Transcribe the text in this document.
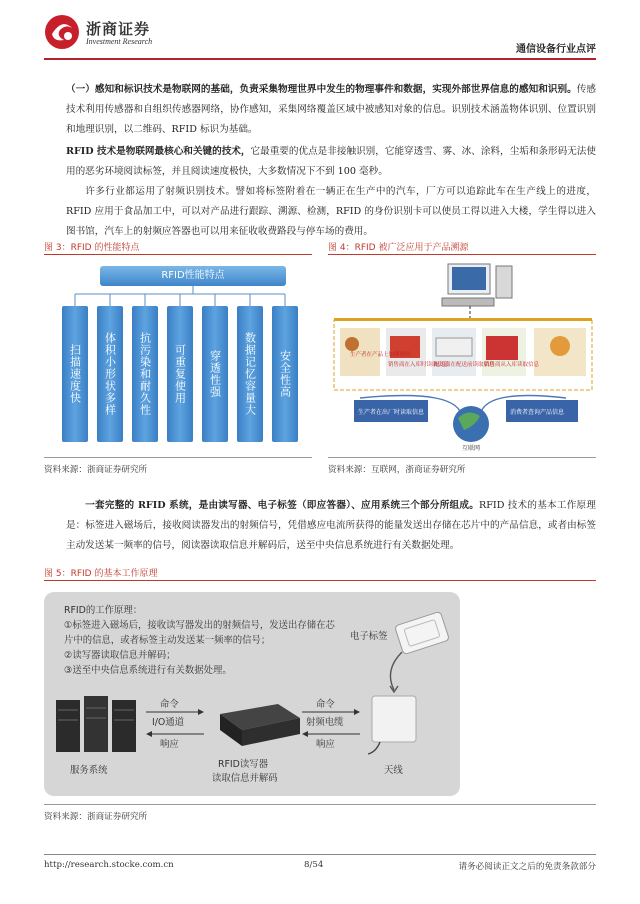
浙商证券
Investment Research
通信设备行业点评
（一）感知和标识技术是物联网的基础，负责采集物理世界中发生的物理事件和数据，实现外部世界信息的感知和识别。传感技术利用传感器和自组织传感器网络，协作感知，采集网络覆盖区域中被感知对象的信息。识别技术涵盖物体识别、位置识别和地理识别，以二维码、RFID 标识为基础。
RFID 技术是物联网最核心和关键的技术，它最重要的优点是非接触识别，它能穿透雪、雾、冰、涂料，尘垢和条形码无法使用的恶劣环境阅读标签，并且阅读速度极快，大多数情况下不到 100 毫秒。
许多行业都运用了射频识别技术。譬如将标签附着在一辆正在生产中的汽车，厂方可以追踪此车在生产线上的进度，RFID 应用于食品加工中，可以对产品进行跟踪、溯源、检测，RFID 的身份识别卡可以使员工得以进入大楼，学生得以进入图书馆，汽车上的射频应答器也可以用来征收收费路段与停车场的费用。
图 3：RFID 的性能特点
RFID性能特点
扫描速度快	体积小形状多样	抗污染和耐久性	可重复使用	穿透性强	数据记忆容量大	安全性高
资料来源：浙商证券研究所
图 4：RFID 被广泛应用于产品溯源
生产者在产品上加溯源码
销售商在入库时读取信息
配送商在配送前读取信息
销售商从入库读取信息
生产者在出厂时读取信息	消费者查询产品信息
互联网
资料来源：互联网，浙商证券研究所
一套完整的 RFID 系统，是由读写器、电子标签（即应答器）、应用系统三个部分所组成。RFID 技术的基本工作原理是：标签进入磁场后，接收阅读器发出的射频信号，凭借感应电流所获得的能量发送出存储在芯片中的产品信息，或者由标签主动发送某一频率的信号，阅读器读取信息并解码后，送至中央信息系统进行有关数据处理。
图 5：RFID 的基本工作原理
RFID的工作原理：
①标签进入磁场后，接收读写器发出的射频信号，发送出存储在芯片中的信息，或者标签主动发送某一频率的信号；
②读写器读取信息并解码；
③送至中央信息系统进行有关数据处理。
电子标签
服务系统
命令
I/O通道
响应
RFID读写器
读取信息并解码
命令
射频电缆
响应
天线
资料来源：浙商证券研究所
http://research.stocke.com.cn	8/54	请务必阅读正文之后的免责条款部分
